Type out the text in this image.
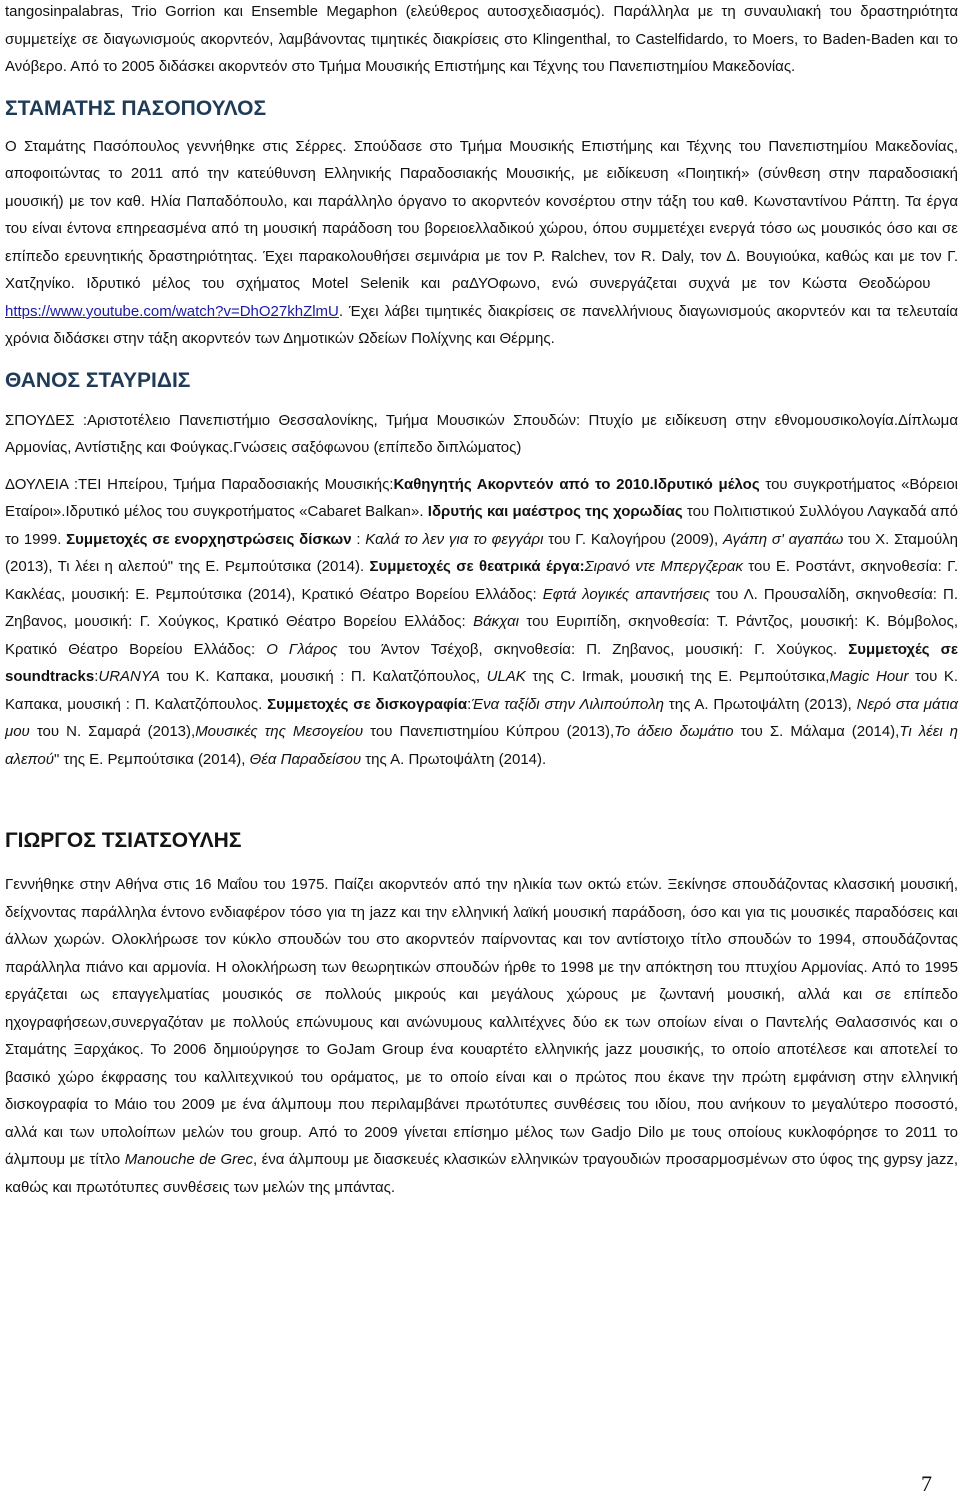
tangosinpalabras, Trio Gorrion και Ensemble Megaphon (ελεύθερος αυτοσχεδιασμός). Παράλληλα με τη συναυλιακή του δραστηριότητα συμμετείχε σε διαγωνισμούς ακορντεόν, λαμβάνοντας τιμητικές διακρίσεις στο Klingenthal, το Castelfidardo, το Moers, το Baden-Baden και το Ανόβερο. Από το 2005 διδάσκει ακορντεόν στο Τμήμα Μουσικής Επιστήμης και Τέχνης του Πανεπιστημίου Μακεδονίας.

ΣΤΑΜΑΤΗΣ ΠΑΣΟΠΟΥΛΟΣ

Ο Σταμάτης Πασόπουλος γεννήθηκε στις Σέρρες. Σπούδασε στο Τμήμα Μουσικής Επιστήμης και Τέχνης του Πανεπιστημίου Μακεδονίας, αποφοιτώντας το 2011 από την κατεύθυνση Ελληνικής Παραδοσιακής Μουσικής, με ειδίκευση «Ποιητική» (σύνθεση στην παραδοσιακή μουσική) με τον καθ. Ηλία Παπαδόπουλο, και παράλληλο όργανο το ακορντεόν κονσέρτου στην τάξη του καθ. Κωνσταντίνου Ράπτη. Τα έργα του είναι έντονα επηρεασμένα από τη μουσική παράδοση του βορειοελλαδικού χώρου, όπου συμμετέχει ενεργά τόσο ως μουσικός όσο και σε επίπεδο ερευνητικής δραστηριότητας. Έχει παρακολουθήσει σεμινάρια με τον P. Ralchev, τον R. Daly, τον Δ. Βουγιούκα, καθώς και με τον Γ. Χατζηνίκο. Ιδρυτικό μέλος του σχήματος Motel Selenik και ραΔΥΟφωνο, ενώ συνεργάζεται συχνά με τον Κώστα Θεοδώρου    https://www.youtube.com/watch?v=DhO27khZlmU. Έχει λάβει τιμητικές διακρίσεις σε πανελλήνιους διαγωνισμούς ακορντεόν και τα τελευταία χρόνια διδάσκει στην τάξη ακορντεόν των Δημοτικών Ωδείων Πολίχνης και Θέρμης.

ΘΑΝΟΣ ΣΤΑΥΡΙΔΙΣ

ΣΠΟΥΔΕΣ :Αριστοτέλειο Πανεπιστήμιο Θεσσαλονίκης, Τμήμα Μουσικών Σπουδών: Πτυχίο με ειδίκευση στην εθνομουσικολογία.Δίπλωμα Αρμονίας, Αντίστιξης και Φούγκας.Γνώσεις σαξόφωνου (επίπεδο διπλώματος)

ΔΟΥΛΕΙΑ :ΤΕΙ Ηπείρου, Τμήμα Παραδοσιακής Μουσικής:Καθηγητής Ακορντεόν από το 2010.Ιδρυτικό μέλος του συγκροτήματος «Βόρειοι Εταίροι».Ιδρυτικό μέλος του συγκροτήματος «Cabaret Balkan». Ιδρυτής και μαέστρος της χορωδίας του Πολιτιστικού Συλλόγου Λαγκαδά από το 1999. Συμμετοχές σε ενορχηστρώσεις δίσκων : Καλά το λεν για το φεγγάρι του Γ. Καλογήρου (2009), Αγάπη σ' αγαπάω του Χ. Σταμούλη (2013), Τι λέει η αλεπού" της Ε. Ρεμπούτσικα (2014). Συμμετοχές σε θεατρικά έργα:Σιρανό ντε Μπεργζερακ του Ε. Ροστάντ, σκηνοθεσία: Γ. Κακλέας, μουσική: Ε. Ρεμπούτσικα (2014), Κρατικό Θέατρο Βορείου Ελλάδος: Εφτά λογικές απαντήσεις του Λ. Προυσαλίδη, σκηνοθεσία: Π. Ζηβανος, μουσική: Γ. Χούγκος, Κρατικό Θέατρο Βορείου Ελλάδος: Βάκχαι του Ευριπίδη, σκηνοθεσία: Τ. Ράντζος, μουσική: Κ. Βόμβολος, Κρατικό Θέατρο Βορείου Ελλάδος: Ο Γλάρος του Άντον Τσέχοβ, σκηνοθεσία: Π. Ζηβανος, μουσική: Γ. Χούγκος. Συμμετοχές σε soundtracks:URANYA του Κ. Καπακα, μουσική : Π. Καλατζόπουλος, ULAK της C. Irmak, μουσική της Ε. Ρεμπούτσικα,Magic Hour του Κ. Καπακα, μουσική : Π. Καλατζόπουλος. Συμμετοχές σε δισκογραφία:Ένα ταξίδι στην Λιλιπούπολη της Α. Πρωτοψάλτη (2013), Νερό στα μάτια μου του Ν. Σαμαρά (2013),Μουσικές της Μεσογείου του Πανεπιστημίου Κύπρου (2013),Το άδειο δωμάτιο του Σ. Μάλαμα (2014),Τι λέει η αλεπού" της Ε. Ρεμπούτσικα (2014), Θέα Παραδείσου της Α. Πρωτοψάλτη (2014).

ΓΙΩΡΓΟΣ ΤΣΙΑΤΣΟΥΛΗΣ

Γεννήθηκε στην Αθήνα στις 16 Μαΐου του 1975. Παίζει ακορντεόν από την ηλικία των οκτώ ετών. Ξεκίνησε σπουδάζοντας κλασσική μουσική, δείχνοντας παράλληλα έντονο ενδιαφέρον τόσο για τη jazz και την ελληνική λαϊκή μουσική παράδοση, όσο και για τις μουσικές παραδόσεις και άλλων χωρών. Ολοκλήρωσε τον κύκλο σπουδών του στο ακορντεόν παίρνοντας και τον αντίστοιχο τίτλο σπουδών το 1994, σπουδάζοντας παράλληλα πιάνο και αρμονία. Η ολοκλήρωση των θεωρητικών σπουδών ήρθε το 1998 με την απόκτηση του πτυχίου Αρμονίας. Από το 1995 εργάζεται ως επαγγελματίας μουσικός σε πολλούς μικρούς και μεγάλους χώρους με ζωντανή μουσική, αλλά και σε επίπεδο ηχογραφήσεων,συνεργαζόταν με πολλούς επώνυμους και ανώνυμους καλλιτέχνες δύο εκ των οποίων είναι ο Παντελής Θαλασσινός και ο Σταμάτης Ξαρχάκος. Το 2006 δημιούργησε το GoJam Group ένα κουαρτέτο ελληνικής jazz μουσικής, το οποίο αποτέλεσε και αποτελεί το βασικό χώρο έκφρασης του καλλιτεχνικού του οράματος, με το οποίο είναι και ο πρώτος που έκανε την πρώτη εμφάνιση στην ελληνική δισκογραφία το Μάιο του 2009 με ένα άλμπουμ που περιλαμβάνει πρωτότυπες συνθέσεις του ιδίου, που ανήκουν το μεγαλύτερο ποσοστό, αλλά και των υπολοίπων μελών του group. Από το 2009 γίνεται επίσημο μέλος των Gadjo Dilo με τους οποίους κυκλοφόρησε το 2011 το άλμπουμ με τίτλο Manouche de Grec, ένα άλμπουμ με διασκευές κλασικών ελληνικών τραγουδιών προσαρμοσμένων στο ύφος της gypsy jazz, καθώς και πρωτότυπες συνθέσεις των μελών της μπάντας.

7
